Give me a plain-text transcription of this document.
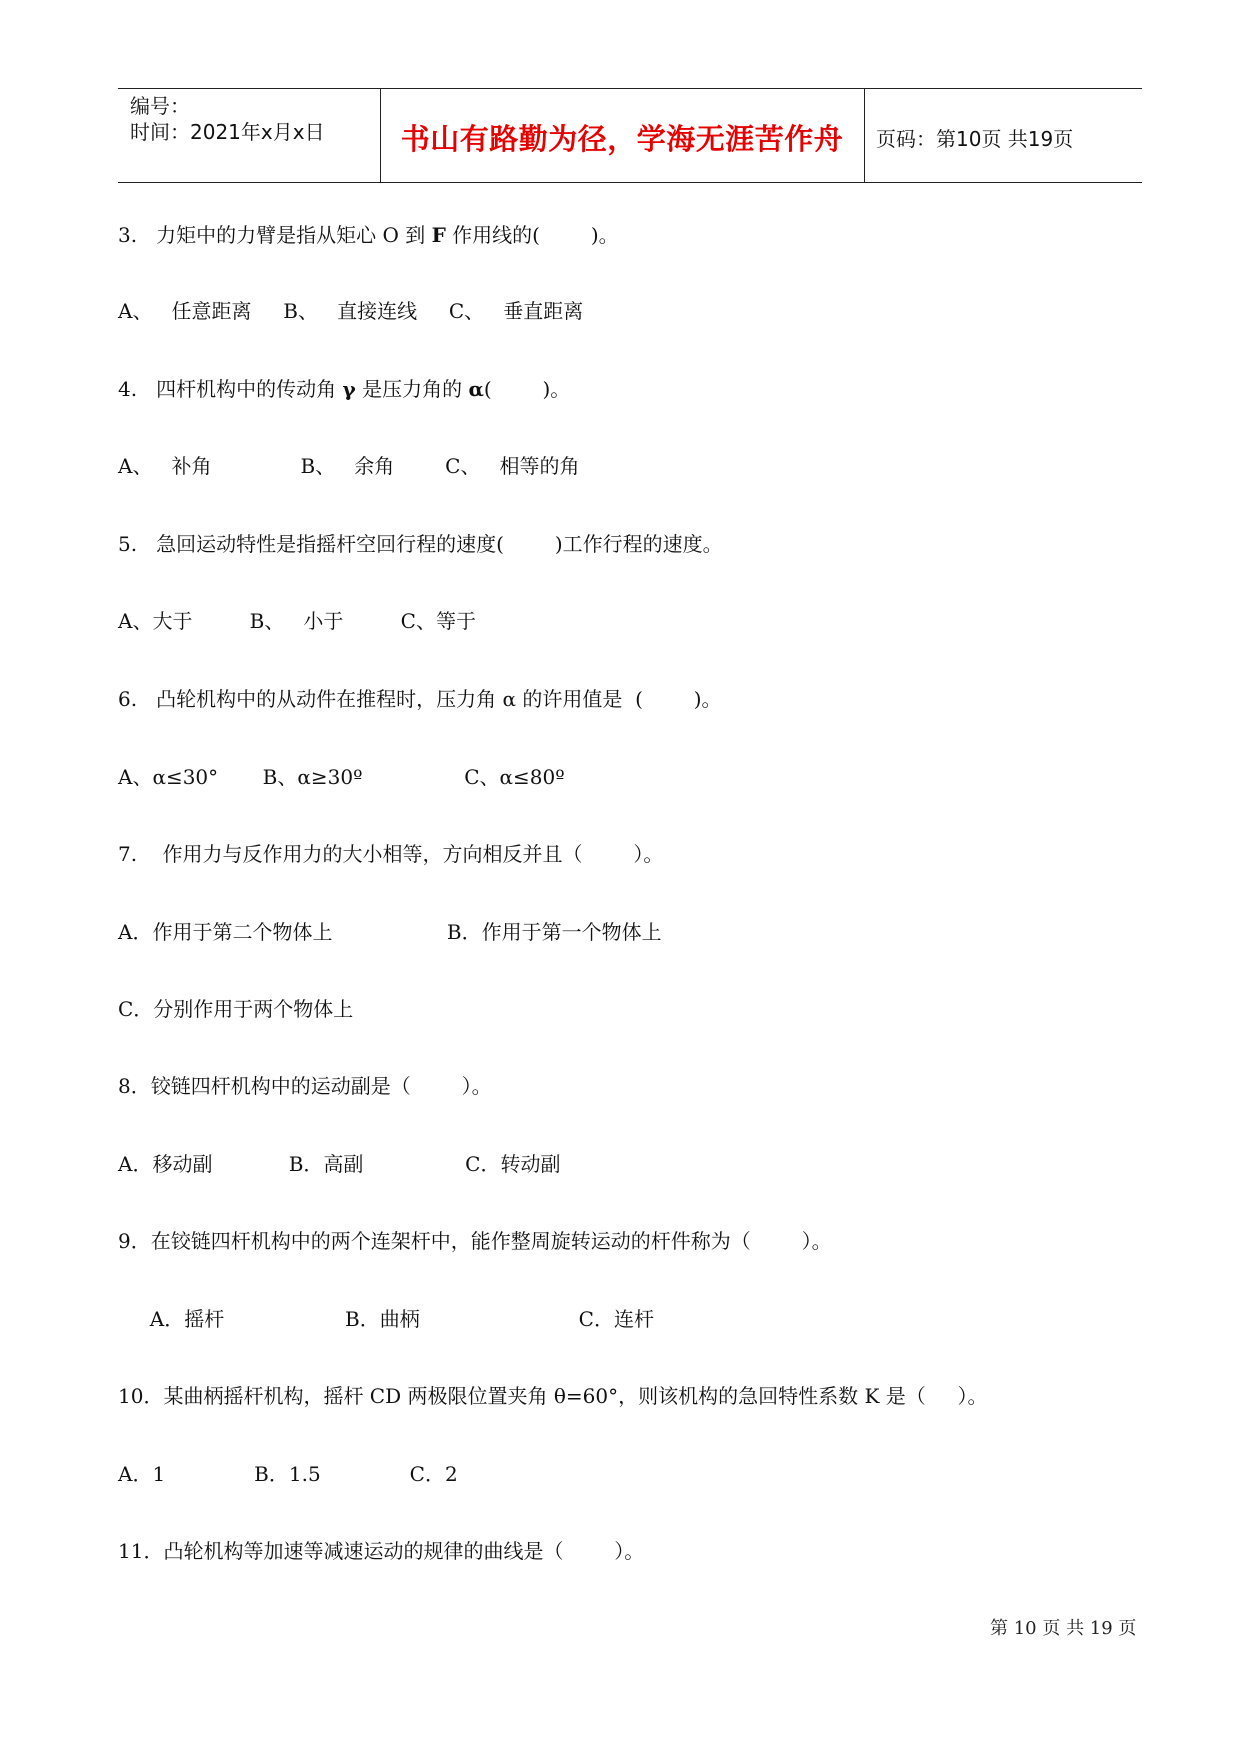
编号：
时间：2021年x月x日	书山有路勤为径，学海无涯苦作舟	页码：第10页 共19页
3.   力矩中的力臂是指从矩心 O 到 F 作用线的(        )。
A、   任意距离     B、   直接连线     C、   垂直距离
4.   四杆机构中的传动角 γ 是压力角的 α(        )。
A、   补角              B、   余角        C、   相等的角
5.   急回运动特性是指摇杆空回行程的速度(        )工作行程的速度。
A、大于         B、   小于         C、等于
6.   凸轮机构中的从动件在推程时，压力角 α 的许用值是  (        )。
A、α≤30°       B、α≥30º                C、α≤80º
7.    作用力与反作用力的大小相等，方向相反并且（        ）。
A．作用于第二个物体上                  B．作用于第一个物体上
C．分别作用于两个物体上
8．铰链四杆机构中的运动副是（        ）。
A．移动副            B．高副                C．转动副
9．在铰链四杆机构中的两个连架杆中，能作整周旋转运动的杆件称为（        ）。
A．摇杆                   B．曲柄                         C．连杆
10．某曲柄摇杆机构，摇杆 CD 两极限位置夹角 θ=60°，则该机构的急回特性系数 K 是（     ）。
A．1              B．1.5              C．2
11．凸轮机构等加速等减速运动的规律的曲线是（        ）。
第 10 页 共 19 页
